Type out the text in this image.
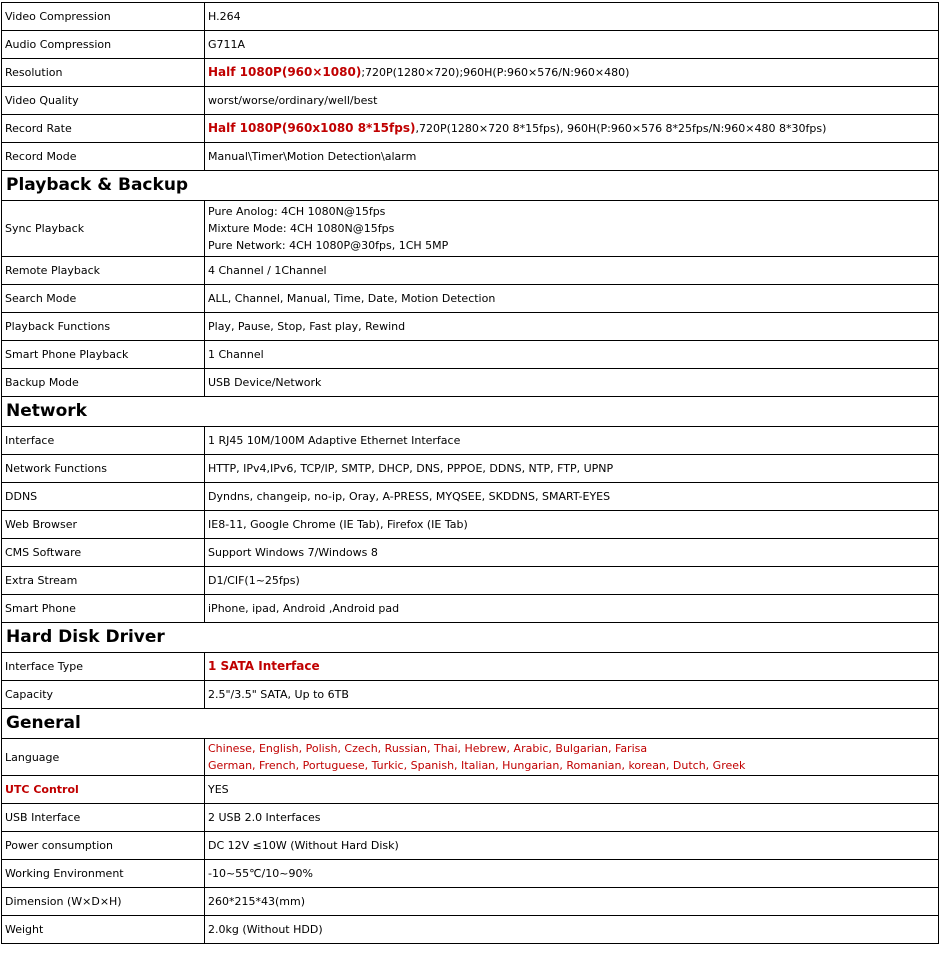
Video Compression	H.264
Audio Compression	G711A
Resolution	Half 1080P(960×1080);720P(1280×720);960H(P:960×576/N:960×480)
Video Quality	worst/worse/ordinary/well/best
Record Rate	Half 1080P(960x1080 8*15fps),720P(1280×720 8*15fps), 960H(P:960×576 8*25fps/N:960×480 8*30fps)
Record Mode	Manual\Timer\Motion Detection\alarm
Playback & Backup	
Sync Playback	Pure Anolog: 4CH 1080N@15fps
Mixture Mode: 4CH 1080N@15fps
Pure Network: 4CH 1080P@30fps, 1CH 5MP

Remote Playback	4 Channel / 1Channel
Search Mode	ALL, Channel, Manual, Time, Date, Motion Detection
Playback Functions	Play, Pause, Stop, Fast play, Rewind
Smart Phone Playback	1 Channel
Backup Mode	USB Device/Network
Network	
Interface	1 RJ45 10M/100M Adaptive Ethernet Interface
Network Functions	HTTP, IPv4,IPv6, TCP/IP, SMTP, DHCP, DNS, PPPOE, DDNS, NTP, FTP, UPNP
DDNS	Dyndns, changeip, no-ip, Oray, A-PRESS, MYQSEE, SKDDNS, SMART-EYES
Web Browser	IE8-11, Google Chrome (IE Tab), Firefox (IE Tab)
CMS Software	Support Windows 7/Windows 8
Extra Stream	D1/CIF(1~25fps)
Smart Phone	iPhone, ipad, Android ,Android pad
Hard Disk Driver	
Interface Type	1 SATA Interface
Capacity	2.5"/3.5" SATA, Up to 6TB
General	
Language	Chinese, English, Polish, Czech, Russian, Thai, Hebrew, Arabic, Bulgarian, Farisa
German, French, Portuguese, Turkic, Spanish, Italian, Hungarian, Romanian, korean, Dutch, Greek

UTC Control	YES
USB Interface	2 USB 2.0 Interfaces
Power consumption	DC 12V ≤10W (Without Hard Disk)
Working Environment	-10~55℃/10~90%
Dimension (W×D×H)	260*215*43(mm)
Weight	2.0kg (Without HDD)
